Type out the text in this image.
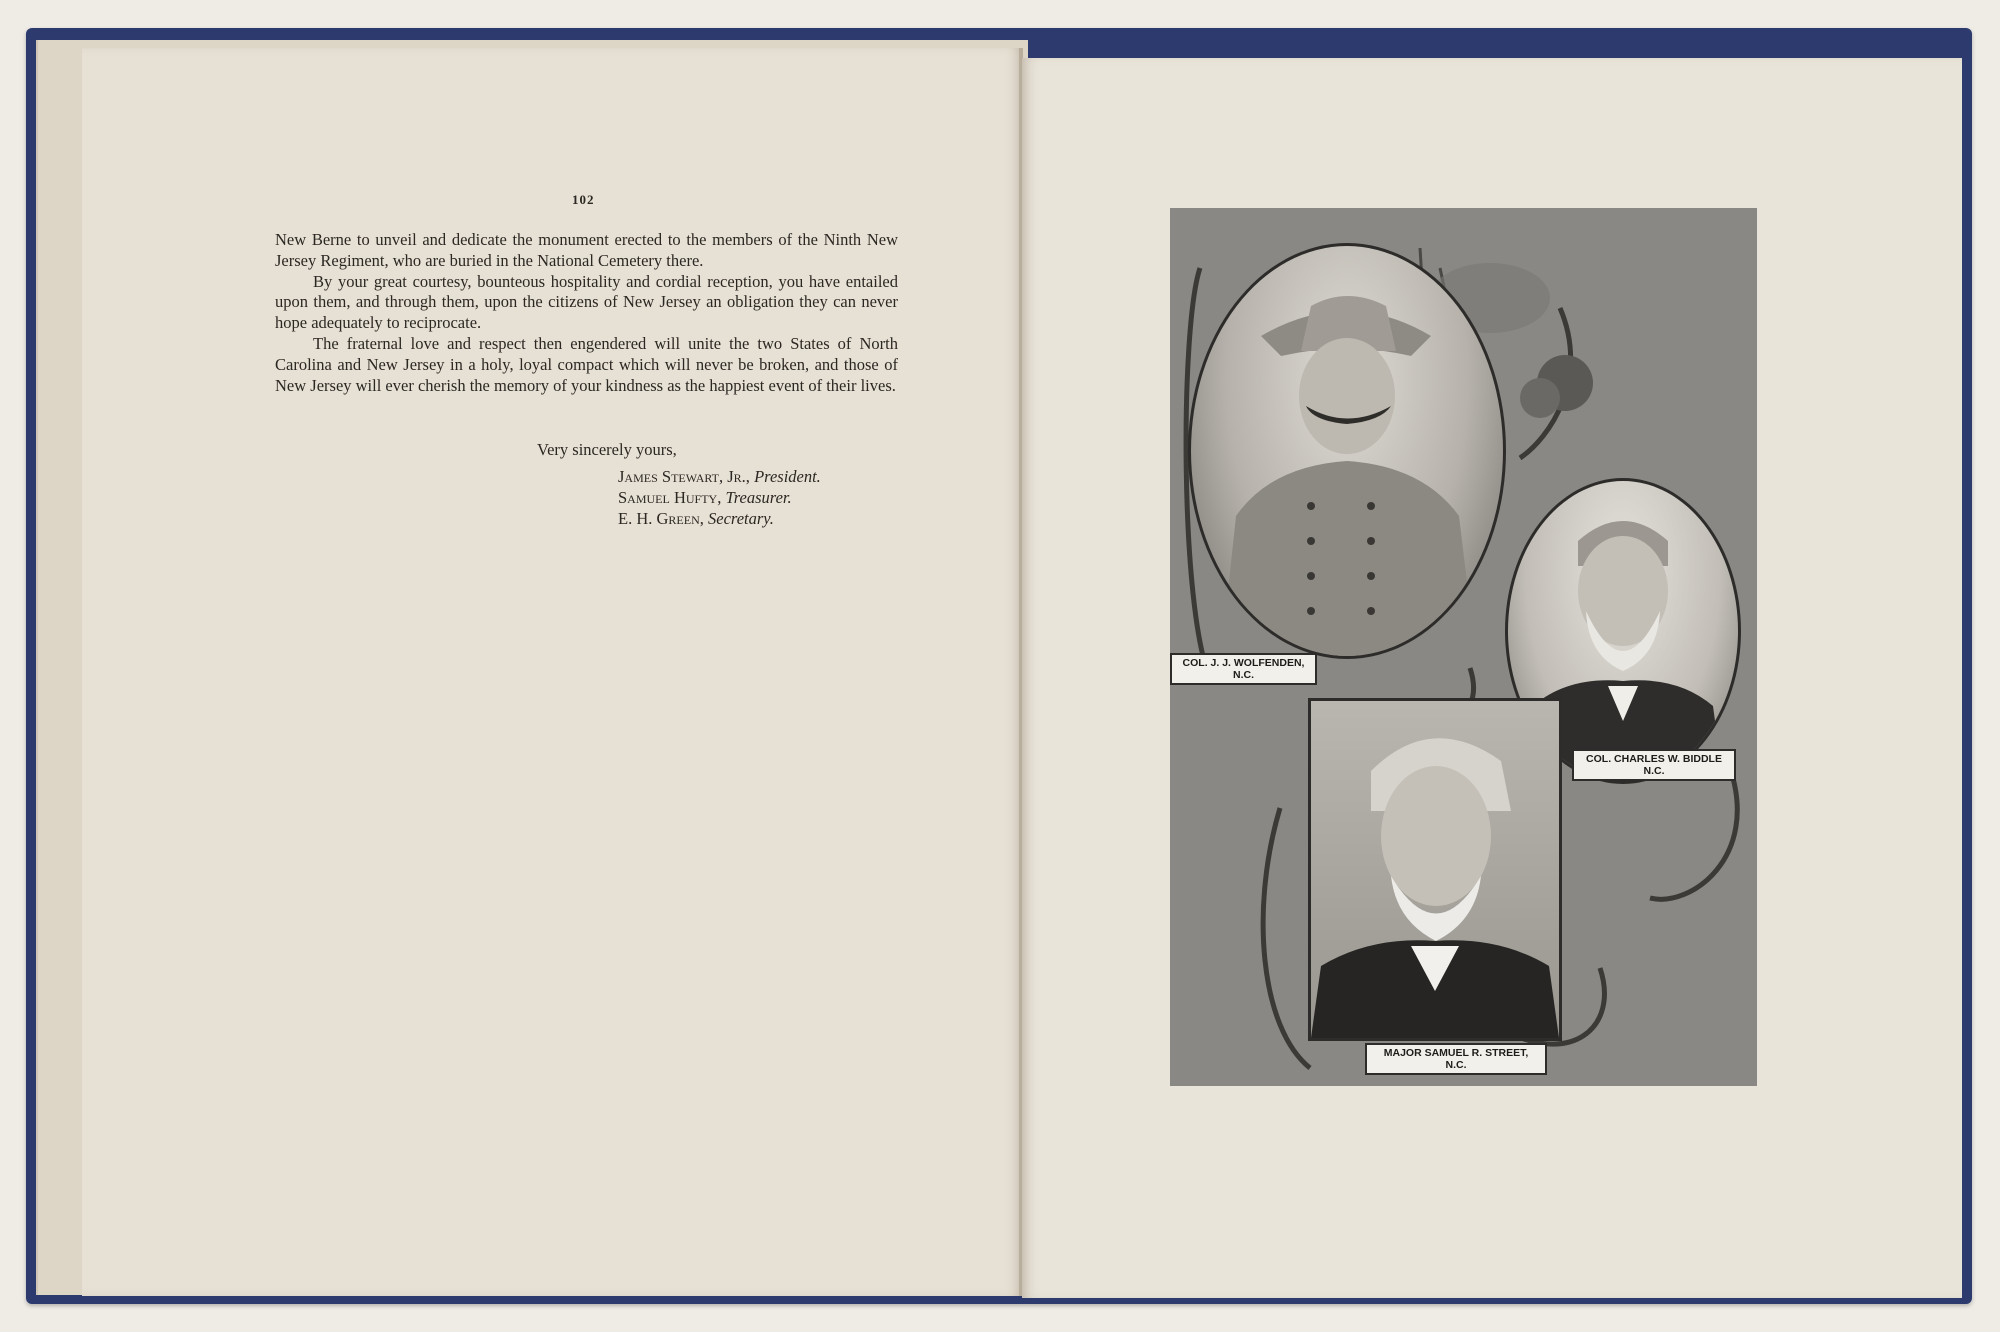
102

New Berne to unveil and dedicate the monument erected to the members of the Ninth New Jersey Regiment, who are buried in the National Cemetery there.

By your great courtesy, bounteous hospitality and cordial reception, you have entailed upon them, and through them, upon the citizens of New Jersey an obligation they can never hope adequately to reciprocate.

The fraternal love and respect then engendered will unite the two States of North Carolina and New Jersey in a holy, loyal compact which will never be broken, and those of New Jersey will ever cherish the memory of your kindness as the happiest event of their lives.

Very sincerely yours,
James Stewart, Jr., President.
Samuel Hufty, Treasurer.
E. H. Green, Secretary.
COL. J. J. WOLFENDEN,
N.C.
COL. CHARLES W. BIDDLE
N.C.
MAJOR SAMUEL R. STREET,
N.C.
